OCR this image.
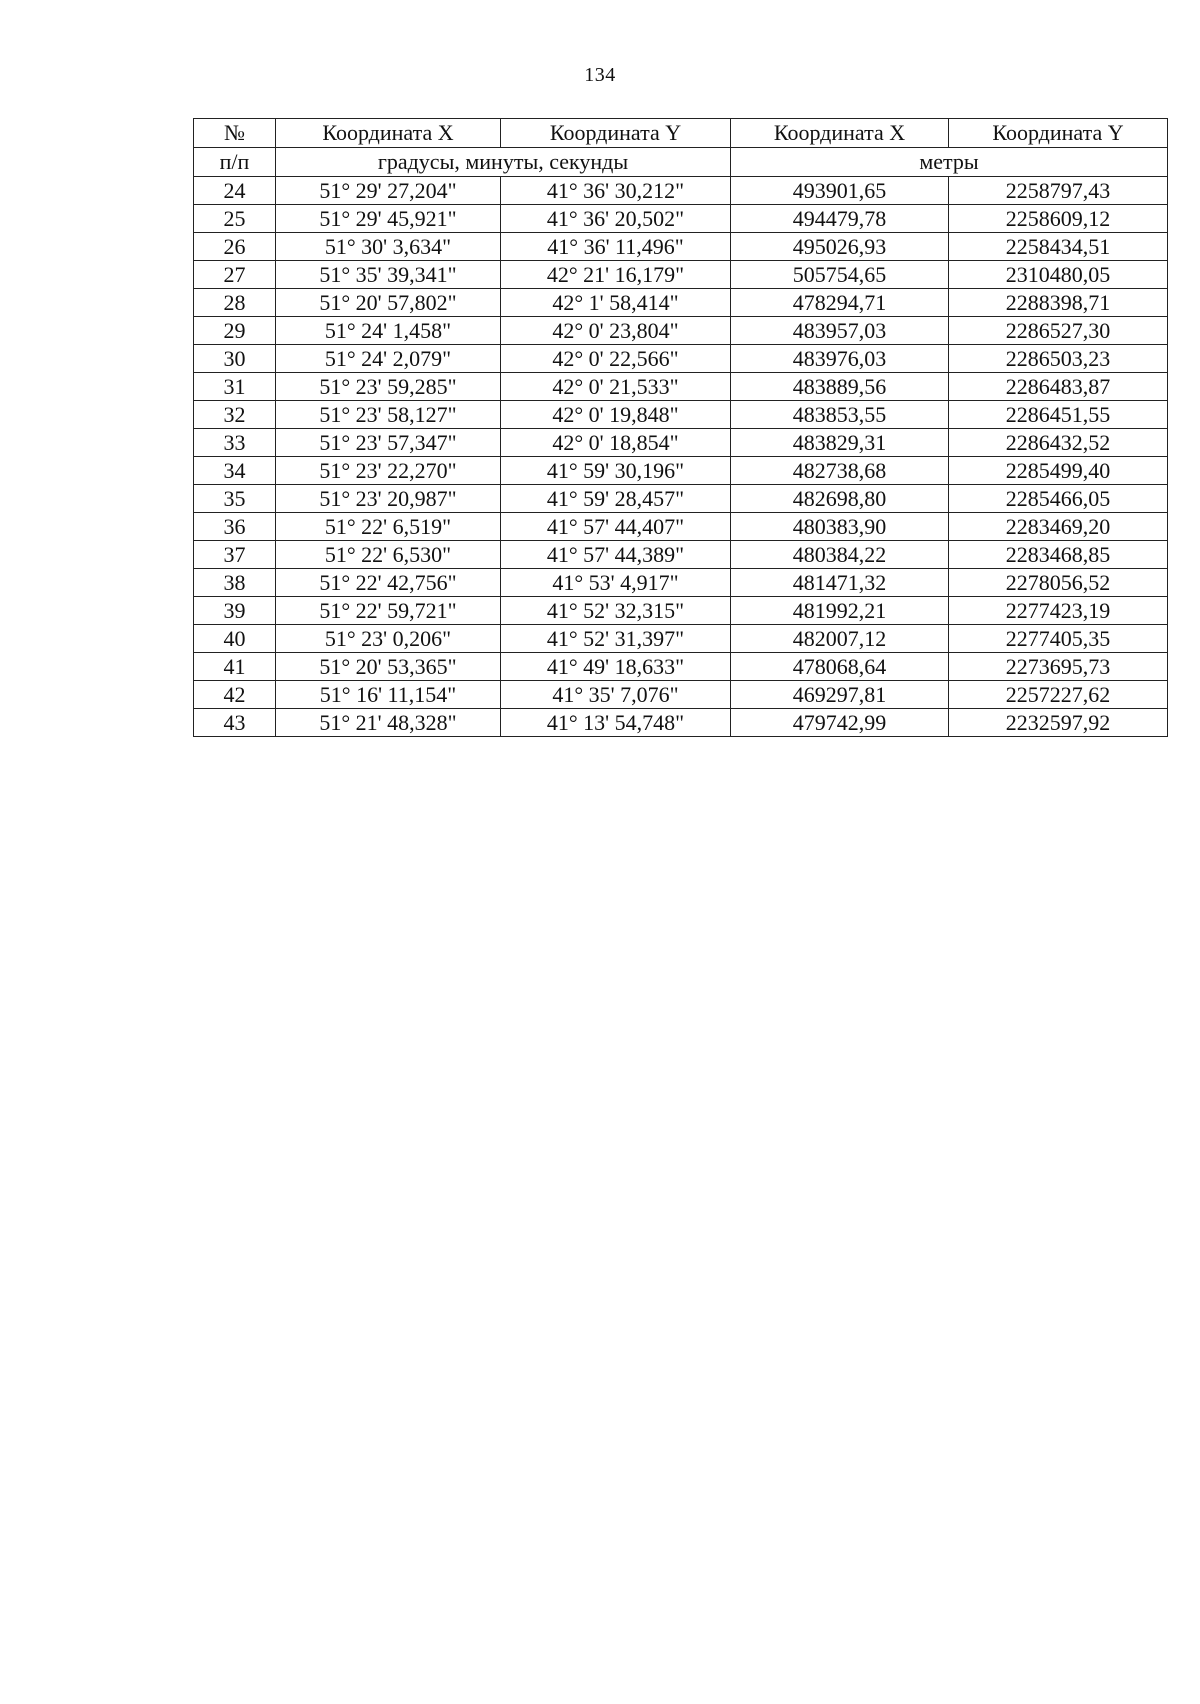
134
№	Координата X	Координата Y	Координата X	Координата Y
п/п	градусы, минуты, секунды		метры	
24	51° 29' 27,204"	41° 36' 30,212"	493901,65	2258797,43
25	51° 29' 45,921"	41° 36' 20,502"	494479,78	2258609,12
26	51° 30' 3,634"	41° 36' 11,496"	495026,93	2258434,51
27	51° 35' 39,341"	42° 21' 16,179"	505754,65	2310480,05
28	51° 20' 57,802"	42° 1' 58,414"	478294,71	2288398,71
29	51° 24' 1,458"	42° 0' 23,804"	483957,03	2286527,30
30	51° 24' 2,079"	42° 0' 22,566"	483976,03	2286503,23
31	51° 23' 59,285"	42° 0' 21,533"	483889,56	2286483,87
32	51° 23' 58,127"	42° 0' 19,848"	483853,55	2286451,55
33	51° 23' 57,347"	42° 0' 18,854"	483829,31	2286432,52
34	51° 23' 22,270"	41° 59' 30,196"	482738,68	2285499,40
35	51° 23' 20,987"	41° 59' 28,457"	482698,80	2285466,05
36	51° 22' 6,519"	41° 57' 44,407"	480383,90	2283469,20
37	51° 22' 6,530"	41° 57' 44,389"	480384,22	2283468,85
38	51° 22' 42,756"	41° 53' 4,917"	481471,32	2278056,52
39	51° 22' 59,721"	41° 52' 32,315"	481992,21	2277423,19
40	51° 23' 0,206"	41° 52' 31,397"	482007,12	2277405,35
41	51° 20' 53,365"	41° 49' 18,633"	478068,64	2273695,73
42	51° 16' 11,154"	41° 35' 7,076"	469297,81	2257227,62
43	51° 21' 48,328"	41° 13' 54,748"	479742,99	2232597,92
